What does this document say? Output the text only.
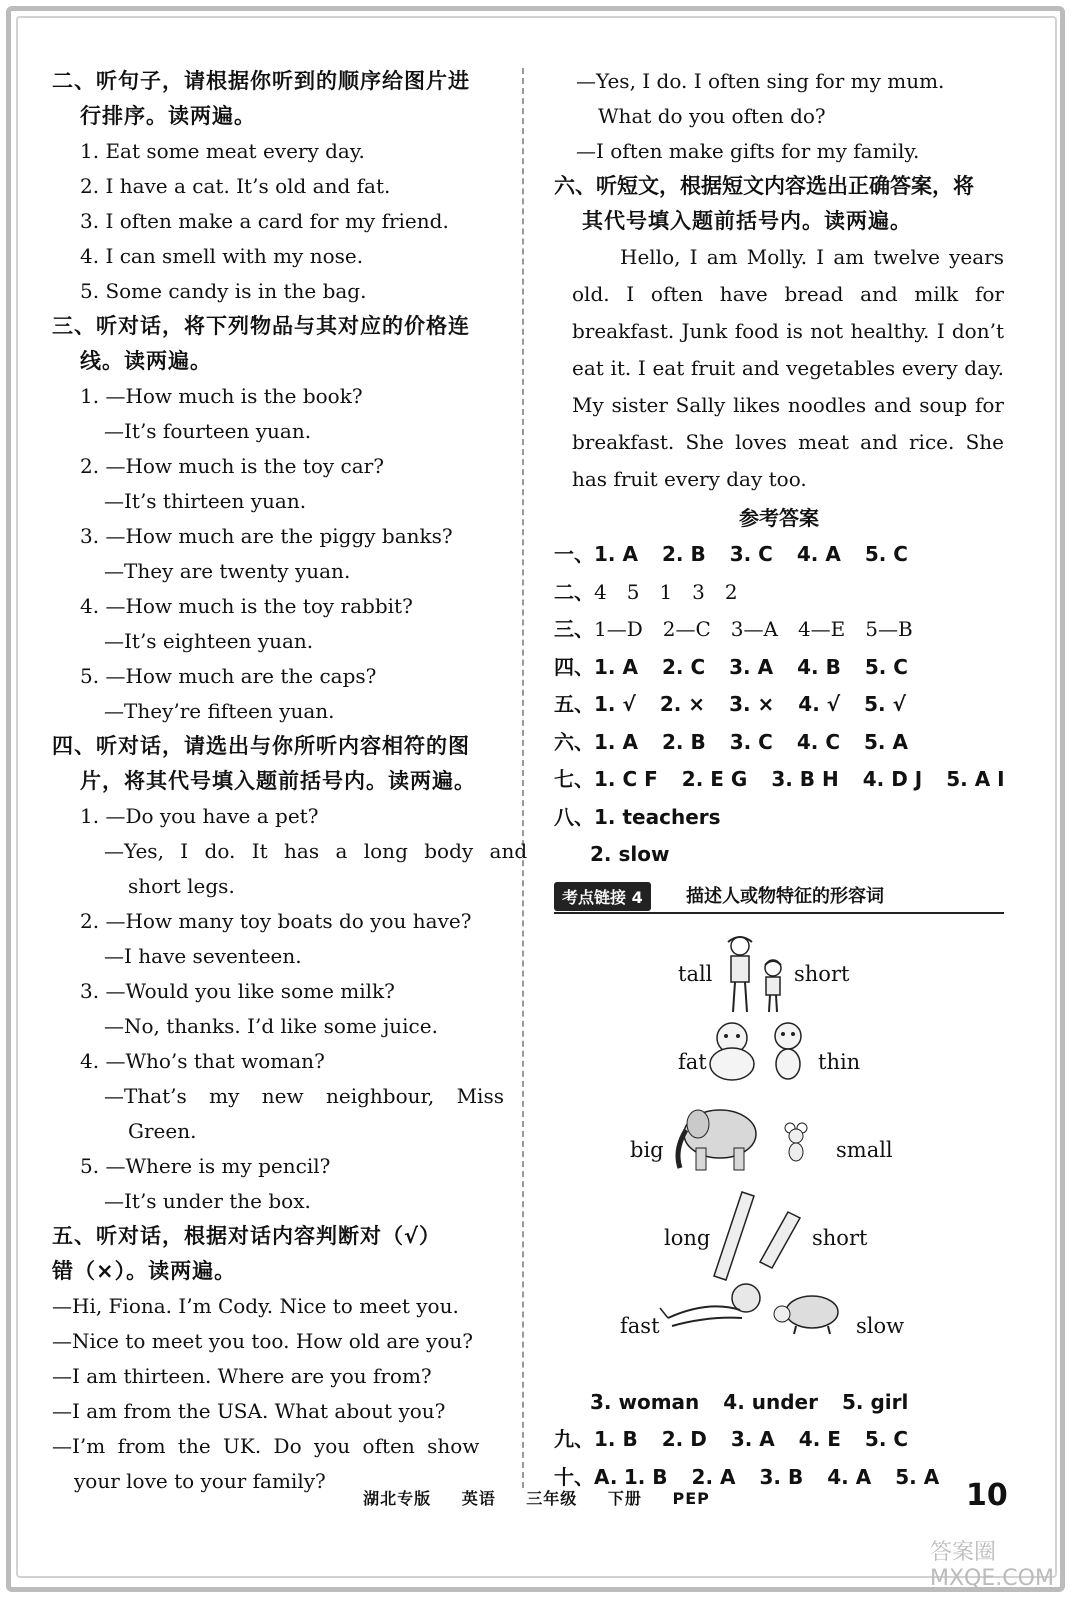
二、听句子，请根据你听到的顺序给图片进
行排序。读两遍。
1. Eat some meat every day.
2. I have a cat. It’s old and fat.
3. I often make a card for my friend.
4. I can smell with my nose.
5. Some candy is in the bag.
三、听对话，将下列物品与其对应的价格连
线。读两遍。
1. —How much is the book?
—It’s fourteen yuan.
2. —How much is the toy car?
—It’s thirteen yuan.
3. —How much are the piggy banks?
—They are twenty yuan.
4. —How much is the toy rabbit?
—It’s eighteen yuan.
5. —How much are the caps?
—They’re fifteen yuan.
四、听对话，请选出与你所听内容相符的图
片，将其代号填入题前括号内。读两遍。
1. —Do you have a pet?
—Yes, I do. It has a long body and
short legs.
2. —How many toy boats do you have?
—I have seventeen.
3. —Would you like some milk?
—No, thanks. I’d like some juice.
4. —Who’s that woman?
—That’s my new neighbour, Miss
Green.
5. —Where is my pencil?
—It’s under the box.
五、听对话，根据对话内容判断对（√）
错（×）。读两遍。
—Hi, Fiona. I’m Cody. Nice to meet you.
—Nice to meet you too. How old are you?
—I am thirteen. Where are you from?
—I am from the USA. What about you?
—I’m from the UK. Do you often show
your love to your family?
—Yes, I do. I often sing for my mum.
What do you often do?
—I often make gifts for my family.
六、听短文，根据短文内容选出正确答案，将
其代号填入题前括号内。读两遍。
Hello, I am Molly. I am twelve years old. I often have bread and milk for breakfast. Junk food is not healthy. I don’t eat it. I eat fruit and vegetables every day. My sister Sally likes noodles and soup for breakfast. She loves meat and rice. She has fruit every day too.
参考答案
一、1. A 2. B 3. C 4. A 5. C
二、4　5　1　3　2
三、1—D　2—C　3—A　4—E　5—B
四、1. A 2. C 3. A 4. B 5. C
五、1. √ 2. × 3. × 4. √ 5. √
六、1. A 2. B 3. C 4. C 5. A
七、1. C F 2. E G 3. B H 4. D J 5. A I
八、1. teachers
2. slow
考点链接 4	描述人或物特征的形容词
tall	short
fat	thin
big	small
long	short
fast	slow
3. woman 4. under 5. girl
九、1. B 2. D 3. A 4. E 5. C
十、A. 1. B 2. A 3. B 4. A 5. A
湖北专版 英语 三年级 下册 PEP	10
答案圈 MXQE.COM
